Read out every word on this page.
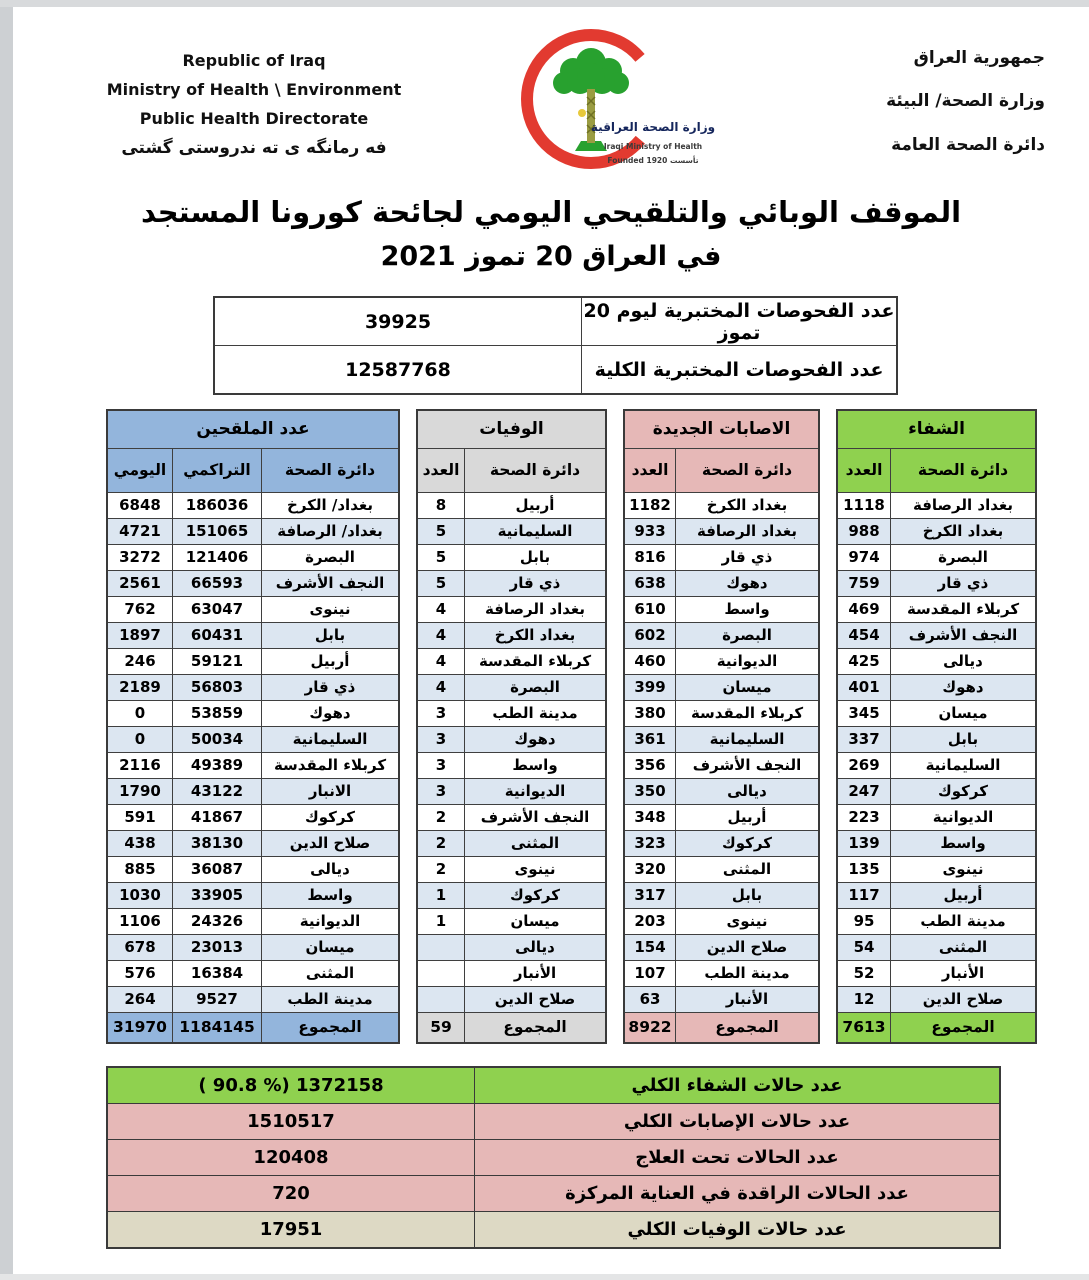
Republic of Iraq
Ministry of Health \ Environment
Public Health Directorate
فه رمانگه ی ته ندروستی گشتی
وزارة الصحة العراقية
Iraqi Ministry of Health
Founded 1920 تأسست
جمهورية العراق
وزارة الصحة/ البيئة
دائرة الصحة العامة
الموقف الوبائي والتلقيحي اليومي لجائحة كورونا المستجد
في العراق 20 تموز 2021
39925	عدد الفحوصات المختبرية ليوم 20 تموز
12587768	عدد الفحوصات المختبرية الكلية
عدد الملقحين		
اليومي	التراكمي	دائرة الصحة
6848	186036	بغداد/ الكرخ
4721	151065	بغداد/ الرصافة
3272	121406	البصرة
2561	66593	النجف الأشرف
762	63047	نينوى
1897	60431	بابل
246	59121	أربيل
2189	56803	ذي قار
0	53859	دهوك
0	50034	السليمانية
2116	49389	كربلاء المقدسة
1790	43122	الانبار
591	41867	كركوك
438	38130	صلاح الدين
885	36087	ديالى
1030	33905	واسط
1106	24326	الديوانية
678	23013	ميسان
576	16384	المثنى
264	9527	مدينة الطب
31970	1184145	المجموع
الوفيات	
العدد	دائرة الصحة
8	أربيل
5	السليمانية
5	بابل
5	ذي قار
4	بغداد الرصافة
4	بغداد الكرخ
4	كربلاء المقدسة
4	البصرة
3	مدينة الطب
3	دهوك
3	واسط
3	الديوانية
2	النجف الأشرف
2	المثنى
2	نينوى
1	كركوك
1	ميسان
	ديالى
	الأنبار
	صلاح الدين
59	المجموع
الاصابات الجديدة	
العدد	دائرة الصحة
1182	بغداد الكرخ
933	بغداد الرصافة
816	ذي قار
638	دهوك
610	واسط
602	البصرة
460	الديوانية
399	ميسان
380	كربلاء المقدسة
361	السليمانية
356	النجف الأشرف
350	ديالى
348	أربيل
323	كركوك
320	المثنى
317	بابل
203	نينوى
154	صلاح الدين
107	مدينة الطب
63	الأنبار
8922	المجموع
الشفاء	
العدد	دائرة الصحة
1118	بغداد الرصافة
988	بغداد الكرخ
974	البصرة
759	ذي قار
469	كربلاء المقدسة
454	النجف الأشرف
425	ديالى
401	دهوك
345	ميسان
337	بابل
269	السليمانية
247	كركوك
223	الديوانية
139	واسط
135	نينوى
117	أربيل
95	مدينة الطب
54	المثنى
52	الأنبار
12	صلاح الدين
7613	المجموع
( 90.8 %) 1372158	عدد حالات الشفاء الكلي
1510517	عدد حالات الإصابات الكلي
120408	عدد الحالات تحت العلاج
720	عدد الحالات الراقدة في العناية المركزة
17951	عدد حالات الوفيات الكلي
